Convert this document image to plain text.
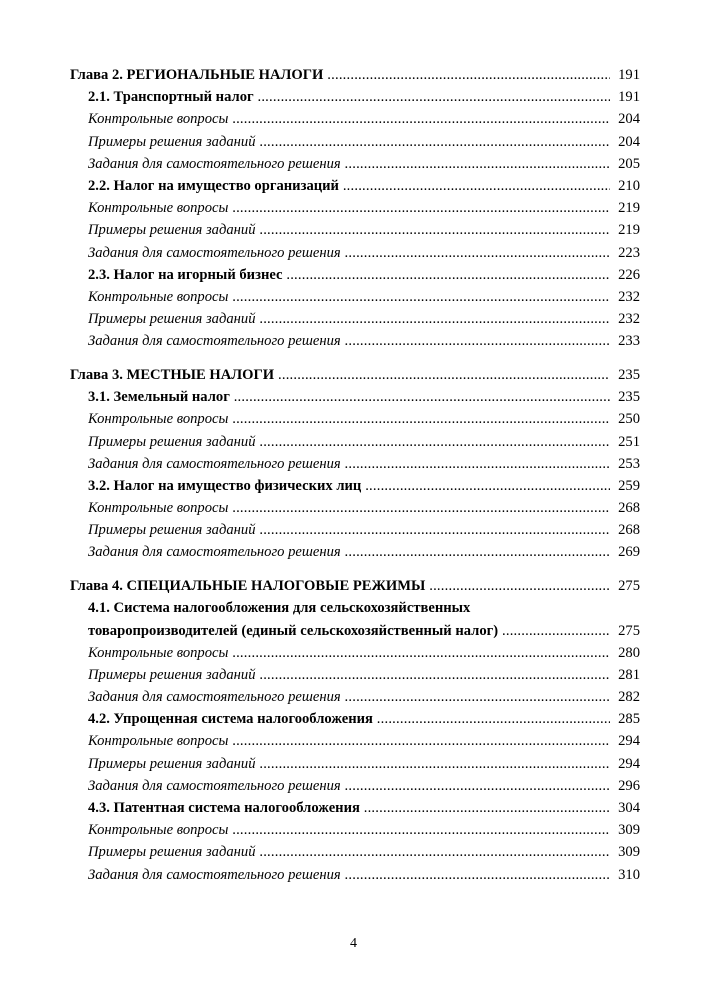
Глава 2. РЕГИОНАЛЬНЫЕ НАЛОГИ .....	191
2.1. Транспортный налог .....	191
Контрольные вопросы .....	204
Примеры решения заданий .....	204
Задания для самостоятельного решения .....	205
2.2. Налог на имущество организаций .....	210
Контрольные вопросы .....	219
Примеры решения заданий .....	219
Задания для самостоятельного решения .....	223
2.3. Налог на игорный бизнес .....	226
Контрольные вопросы .....	232
Примеры решения заданий .....	232
Задания для самостоятельного решения .....	233
Глава 3. МЕСТНЫЕ НАЛОГИ .....	235
3.1. Земельный налог .....	235
Контрольные вопросы .....	250
Примеры решения заданий .....	251
Задания для самостоятельного решения .....	253
3.2. Налог на имущество физических лиц .....	259
Контрольные вопросы .....	268
Примеры решения заданий .....	268
Задания для самостоятельного решения .....	269
Глава 4. СПЕЦИАЛЬНЫЕ НАЛОГОВЫЕ РЕЖИМЫ .....	275
4.1. Система налогообложения для сельскохозяйственных
товаропроизводителей (единый сельскохозяйственный налог) .....	275
Контрольные вопросы .....	280
Примеры решения заданий .....	281
Задания для самостоятельного решения .....	282
4.2. Упрощенная система налогообложения .....	285
Контрольные вопросы .....	294
Примеры решения заданий .....	294
Задания для самостоятельного решения .....	296
4.3. Патентная система налогообложения .....	304
Контрольные вопросы .....	309
Примеры решения заданий .....	309
Задания для самостоятельного решения .....	310
4
